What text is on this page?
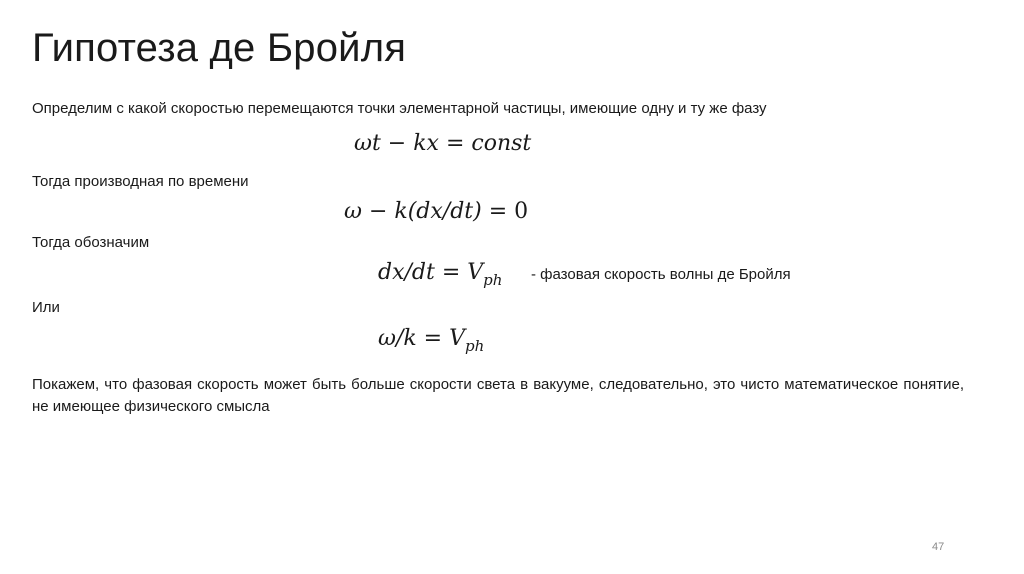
Гипотеза де Бройля
Определим с какой скоростью перемещаются точки элементарной частицы, имеющие одну и ту же фазу
ωt − kx = const
Тогда производная по времени
ω − k(dx/dt) = 0
Тогда обозначим
$dx/dt = V_{ph}$ - фазовая скорость волны де Бройля
Или
$\omega/k = V_{ph}$
Покажем, что фазовая скорость может быть больше скорости света в вакууме, следовательно, это чисто математическое понятие, не имеющее физического смысла
47
